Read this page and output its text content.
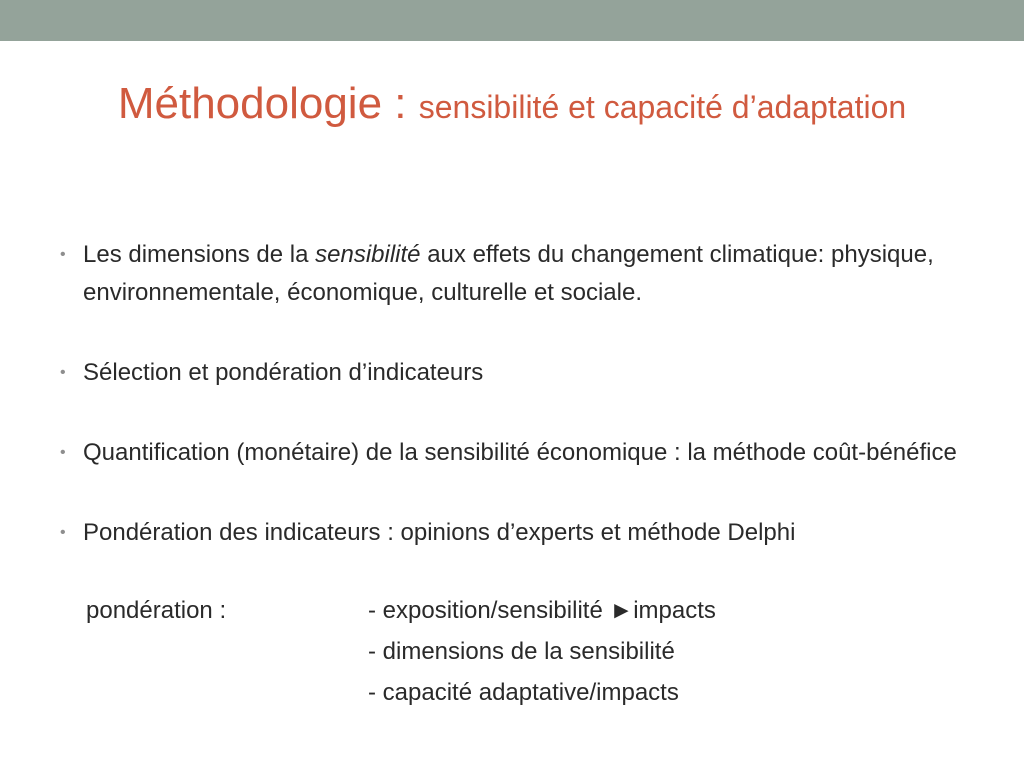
Méthodologie : sensibilité et capacité d’adaptation
• Les dimensions de la sensibilité aux effets du changement climatique: physique, environnementale, économique, culturelle et sociale.
• Sélection et pondération d’indicateurs
• Quantification (monétaire) de la sensibilité économique : la méthode coût-bénéfice
• Pondération des indicateurs : opinions d’experts et méthode Delphi
pondération :	- exposition/sensibilité ►impacts
- dimensions de la sensibilité
- capacité adaptative/impacts
